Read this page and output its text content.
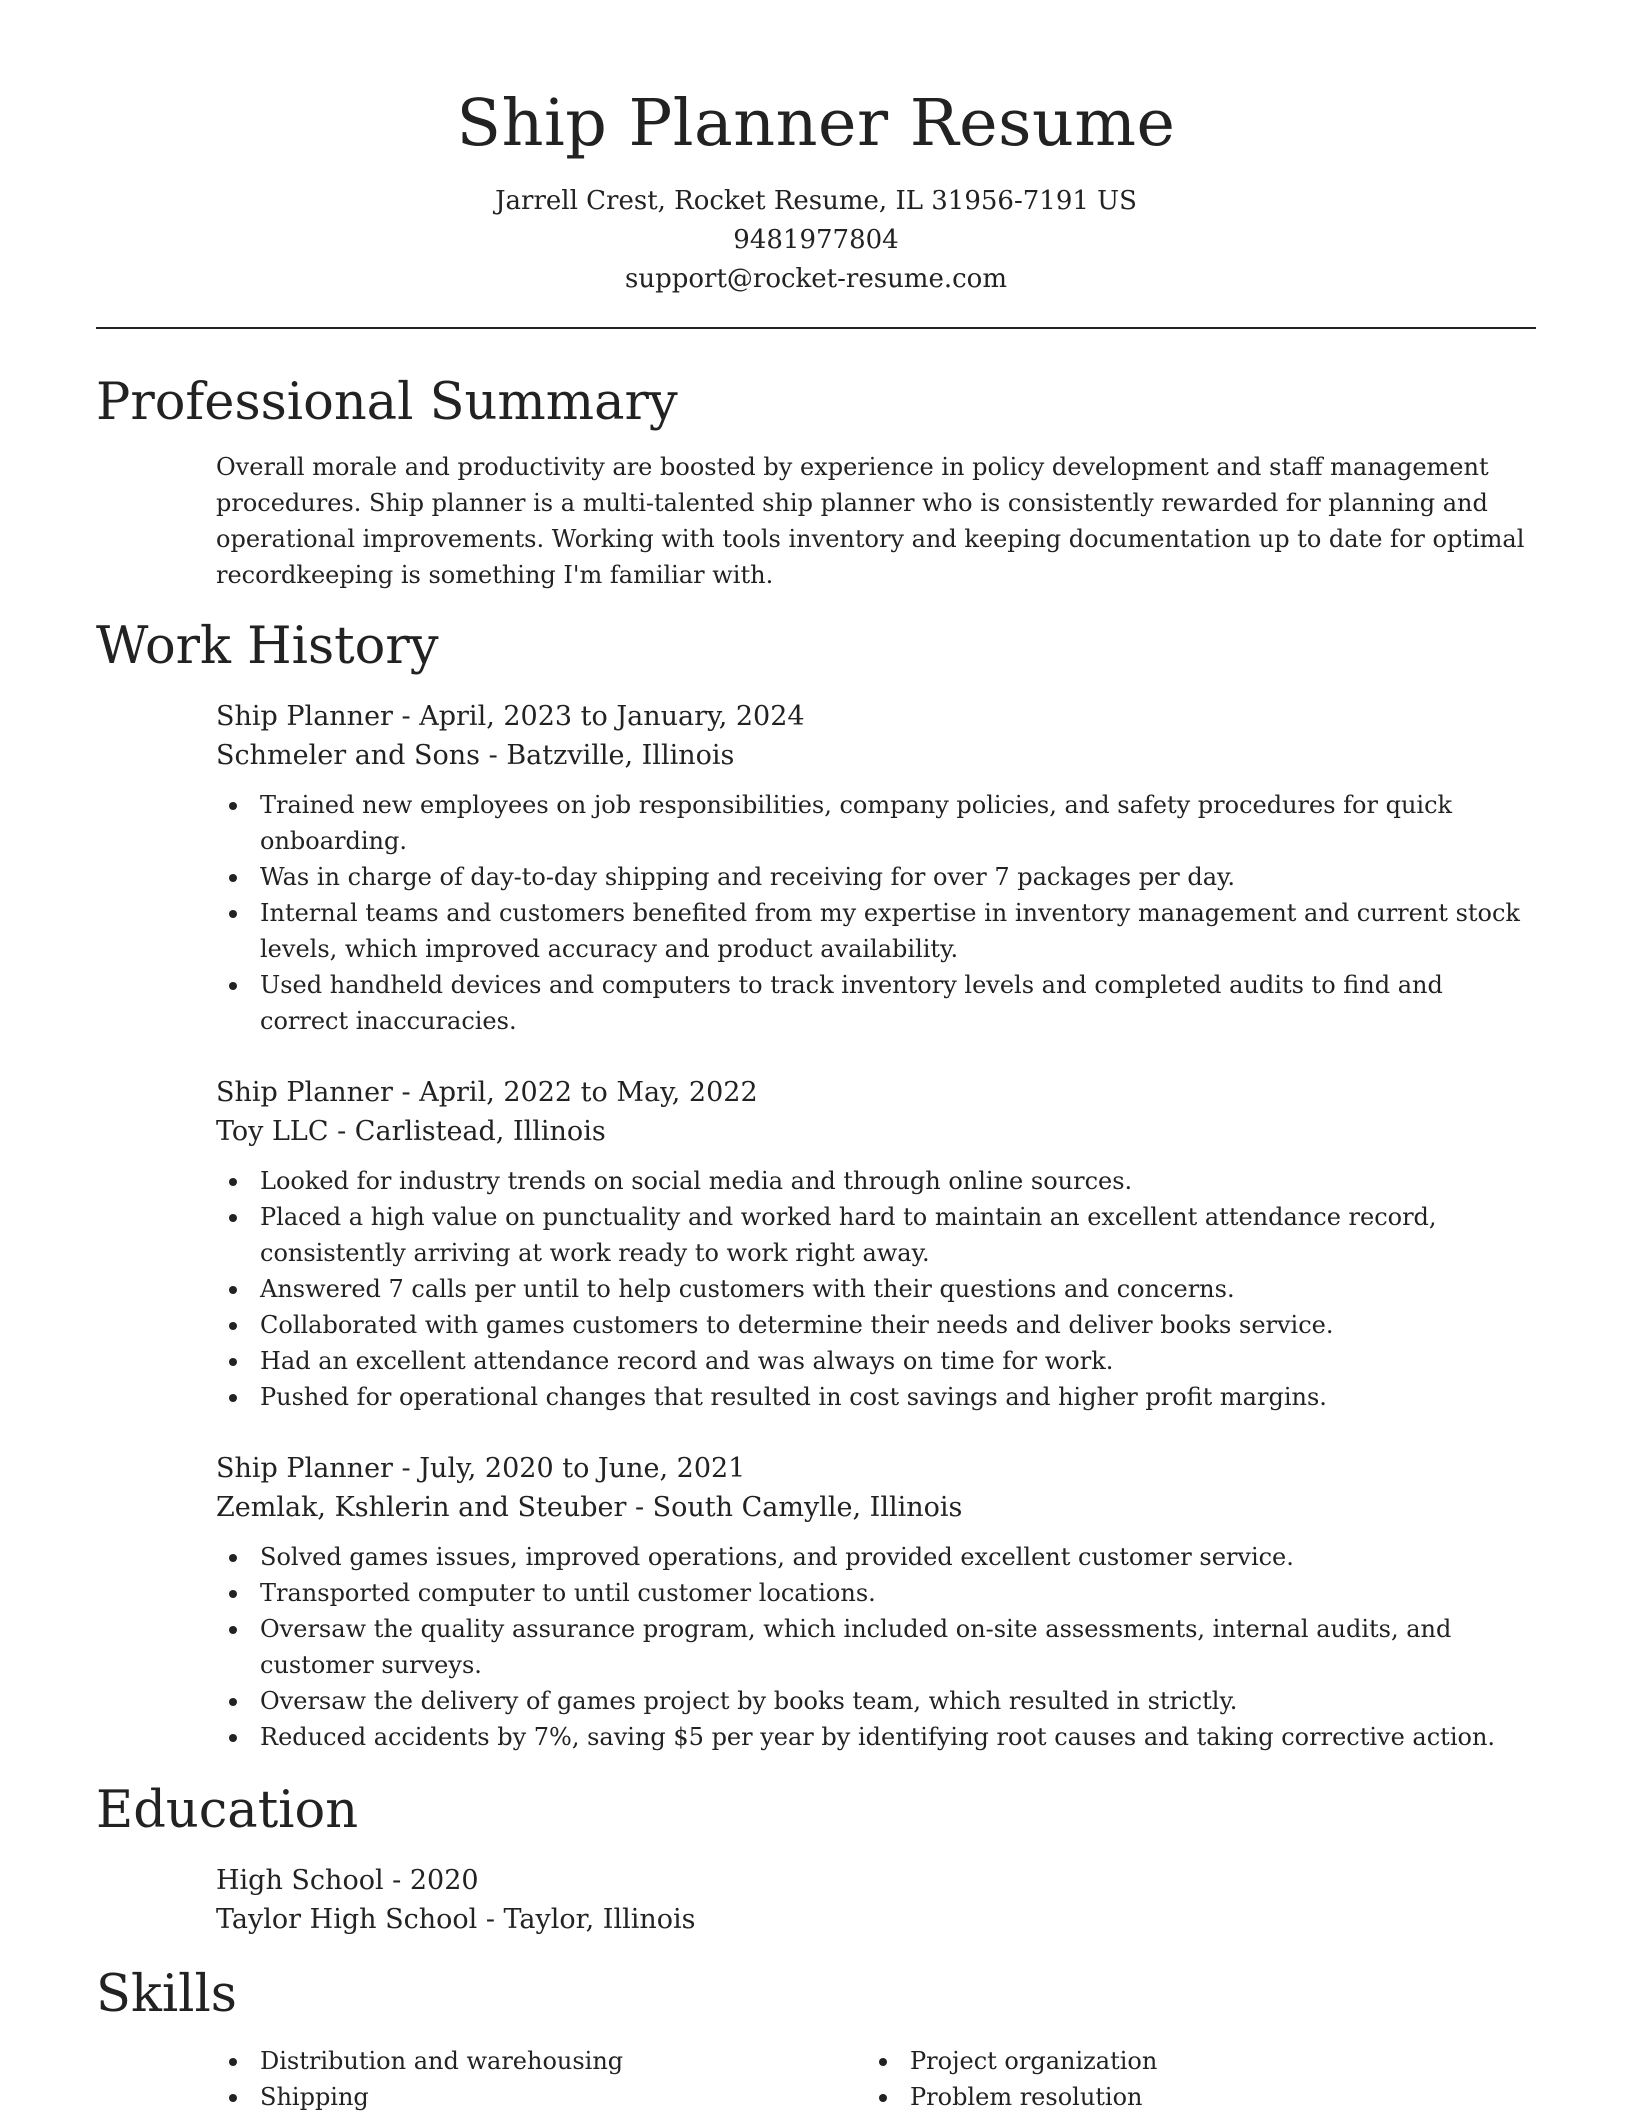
Ship Planner Resume
Jarrell Crest, Rocket Resume, IL 31956-7191 US
9481977804
support@rocket-resume.com
Professional Summary
Overall morale and productivity are boosted by experience in policy development and staff management procedures. Ship planner is a multi-talented ship planner who is consistently rewarded for planning and operational improvements. Working with tools inventory and keeping documentation up to date for optimal recordkeeping is something I'm familiar with.
Work History
Ship Planner - April, 2023 to January, 2024
Schmeler and Sons - Batzville, Illinois
Trained new employees on job responsibilities, company policies, and safety procedures for quick onboarding.
Was in charge of day-to-day shipping and receiving for over 7 packages per day.
Internal teams and customers benefited from my expertise in inventory management and current stock levels, which improved accuracy and product availability.
Used handheld devices and computers to track inventory levels and completed audits to find and correct inaccuracies.
Ship Planner - April, 2022 to May, 2022
Toy LLC - Carlistead, Illinois
Looked for industry trends on social media and through online sources.
Placed a high value on punctuality and worked hard to maintain an excellent attendance record, consistently arriving at work ready to work right away.
Answered 7 calls per until to help customers with their questions and concerns.
Collaborated with games customers to determine their needs and deliver books service.
Had an excellent attendance record and was always on time for work.
Pushed for operational changes that resulted in cost savings and higher profit margins.
Ship Planner - July, 2020 to June, 2021
Zemlak, Kshlerin and Steuber - South Camylle, Illinois
Solved games issues, improved operations, and provided excellent customer service.
Transported computer to until customer locations.
Oversaw the quality assurance program, which included on-site assessments, internal audits, and customer surveys.
Oversaw the delivery of games project by books team, which resulted in strictly.
Reduced accidents by 7%, saving $5 per year by identifying root causes and taking corrective action.
Education
High School - 2020
Taylor High School - Taylor, Illinois
Skills
Distribution and warehousing
Shipping
Project organization
Problem resolution
